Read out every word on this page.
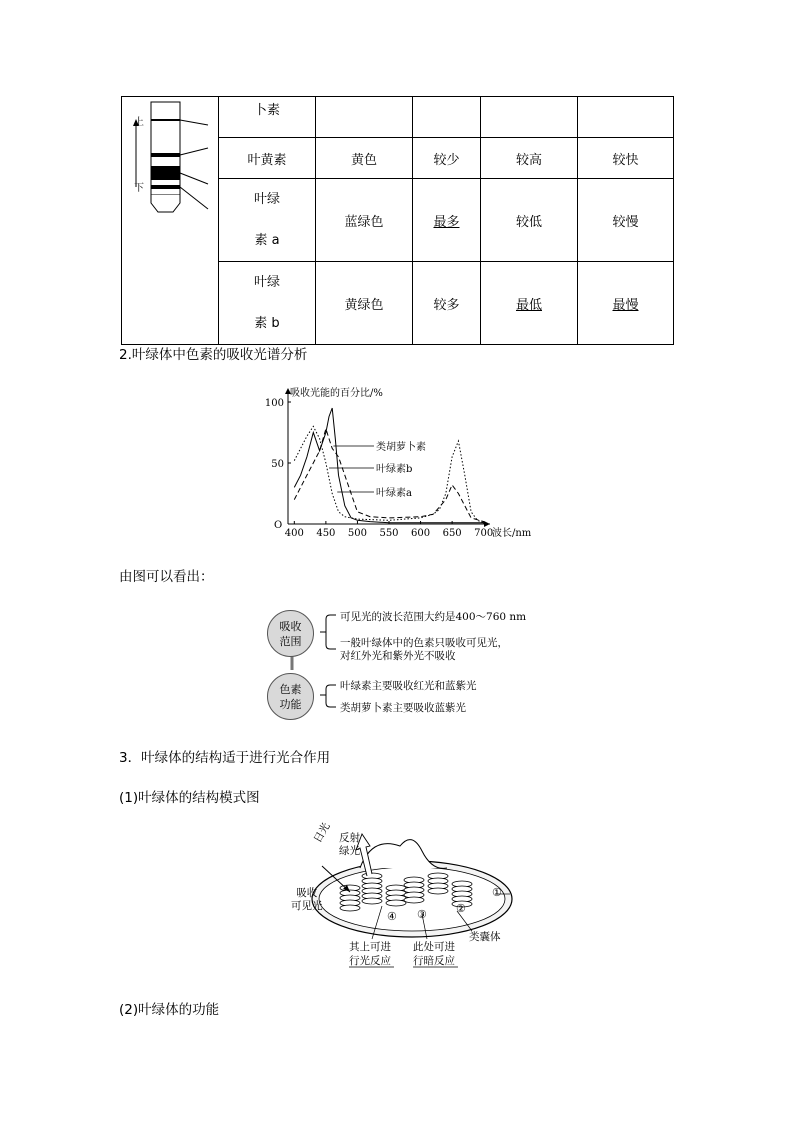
上
下	卜素				
	叶黄素	黄色	较少	较高	较快

	叶绿
素 a	蓝绿色	最多	较低	较慢

	叶绿
素 b	黄绿色	较多	最低	最慢
2.叶绿体中色素的吸收光谱分析
吸收光能的百分比/%
波长/nm
O
400 450 500 550 600 650 700
50
100
类胡萝卜素
叶绿素b
叶绿素a
由图可以看出：
吸收
范围
色素
功能
可见光的波长范围大约是400～760 nm
一般叶绿体中的色素只吸收可见光，
对红外光和紫外光不吸收
叶绿素主要吸收红光和蓝紫光
类胡萝卜素主要吸收蓝紫光
3．叶绿体的结构适于进行光合作用
(1)叶绿体的结构模式图
日光 反射
绿光
吸收
可见光
①
②
③
④
类囊体
其上可进
行光反应
此处可进
行暗反应
(2)叶绿体的功能
